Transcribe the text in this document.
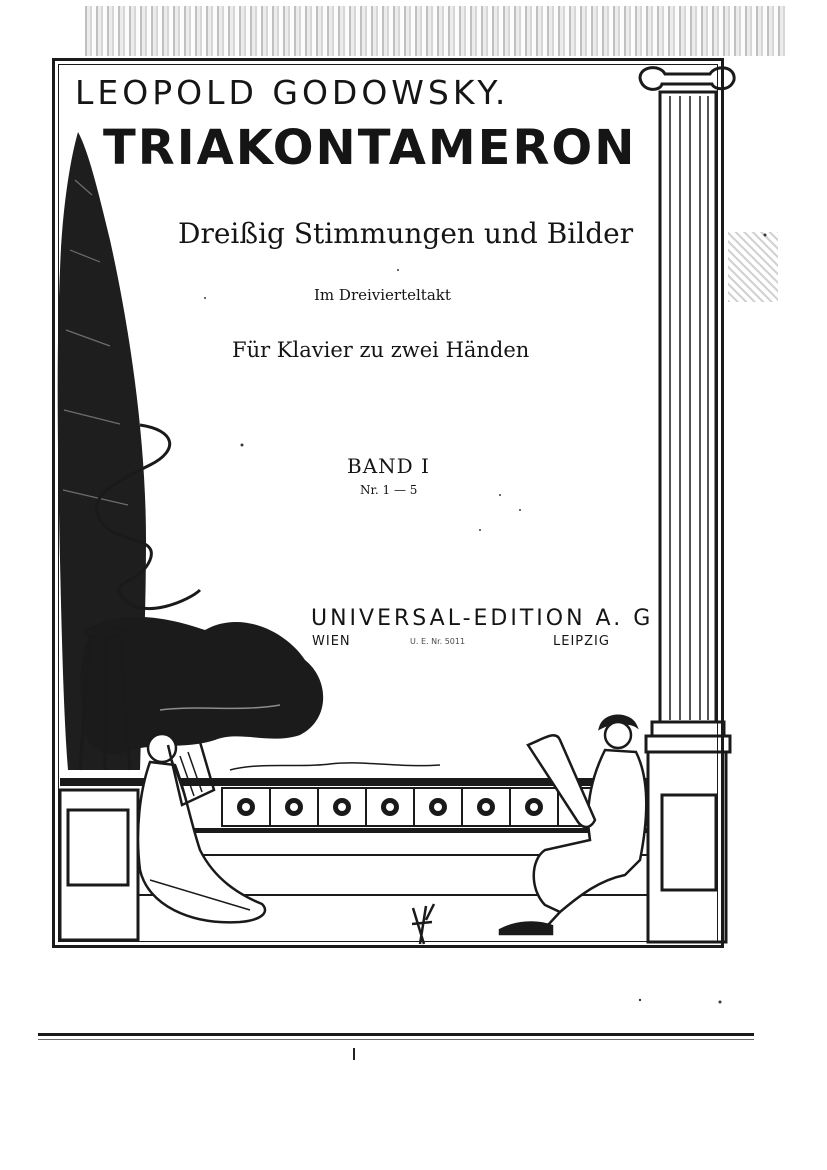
LEOPOLD GODOWSKY.
TRIAKONTAMERON
Dreißig Stimmungen und Bilder
Im Dreivierteltakt
Für Klavier zu zwei Händen
BAND I
Nr. 1 — 5
UNIVERSAL-EDITION A. G
WIEN	U. E. Nr. 5011	LEIPZIG
